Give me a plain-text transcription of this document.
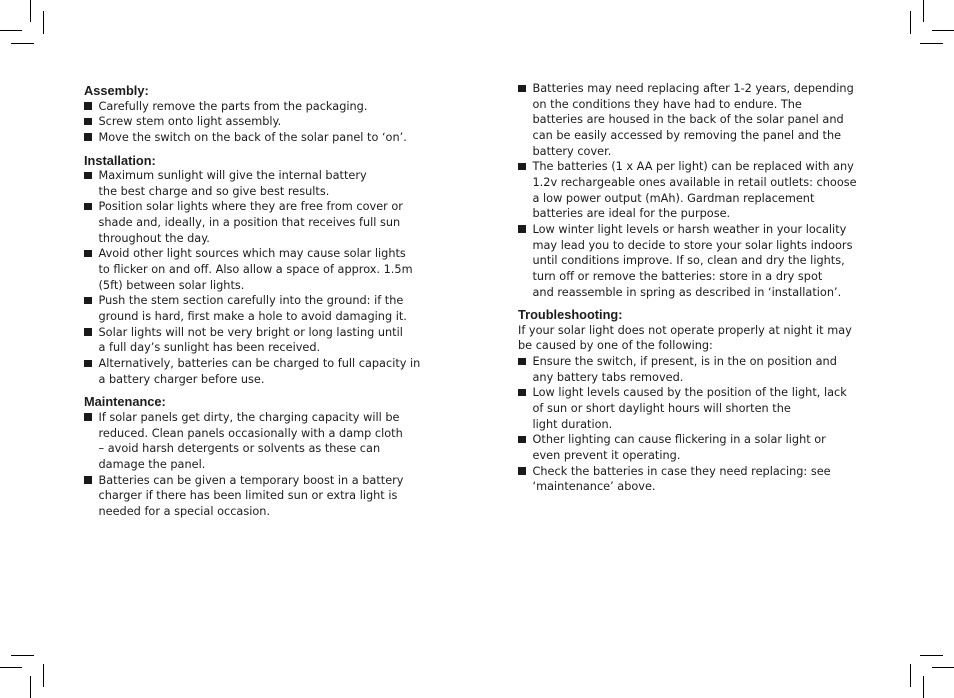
Assembly:
Carefully remove the parts from the packaging.
Screw stem onto light assembly.
Move the switch on the back of the solar panel to ‘on’.
Installation:
Maximum sunlight will give the internal battery
the best charge and so give best results.
Position solar lights where they are free from cover or
shade and, ideally, in a position that receives full sun
throughout the day.
Avoid other light sources which may cause solar lights
to flicker on and off. Also allow a space of approx. 1.5m
(5ft) between solar lights.
Push the stem section carefully into the ground: if the
ground is hard, first make a hole to avoid damaging it.
Solar lights will not be very bright or long lasting until
a full day’s sunlight has been received.
Alternatively, batteries can be charged to full capacity in
a battery charger before use.
Maintenance:
If solar panels get dirty, the charging capacity will be
reduced. Clean panels occasionally with a damp cloth
– avoid harsh detergents or solvents as these can
damage the panel.
Batteries can be given a temporary boost in a battery
charger if there has been limited sun or extra light is
needed for a special occasion.
Batteries may need replacing after 1-2 years, depending
on the conditions they have had to endure. The
batteries are housed in the back of the solar panel and
can be easily accessed by removing the panel and the
battery cover.
The batteries (1 x AA per light) can be replaced with any
1.2v rechargeable ones available in retail outlets: choose
a low power output (mAh). Gardman replacement
batteries are ideal for the purpose.
Low winter light levels or harsh weather in your locality
may lead you to decide to store your solar lights indoors
until conditions improve. If so, clean and dry the lights,
turn off or remove the batteries: store in a dry spot
and reassemble in spring as described in ‘installation’.
Troubleshooting:

If your solar light does not operate properly at night it may
be caused by one of the following:

Ensure the switch, if present, is in the on position and
any battery tabs removed.
Low light levels caused by the position of the light, lack
of sun or short daylight hours will shorten the
light duration.
Other lighting can cause flickering in a solar light or
even prevent it operating.
Check the batteries in case they need replacing: see
‘maintenance’ above.
